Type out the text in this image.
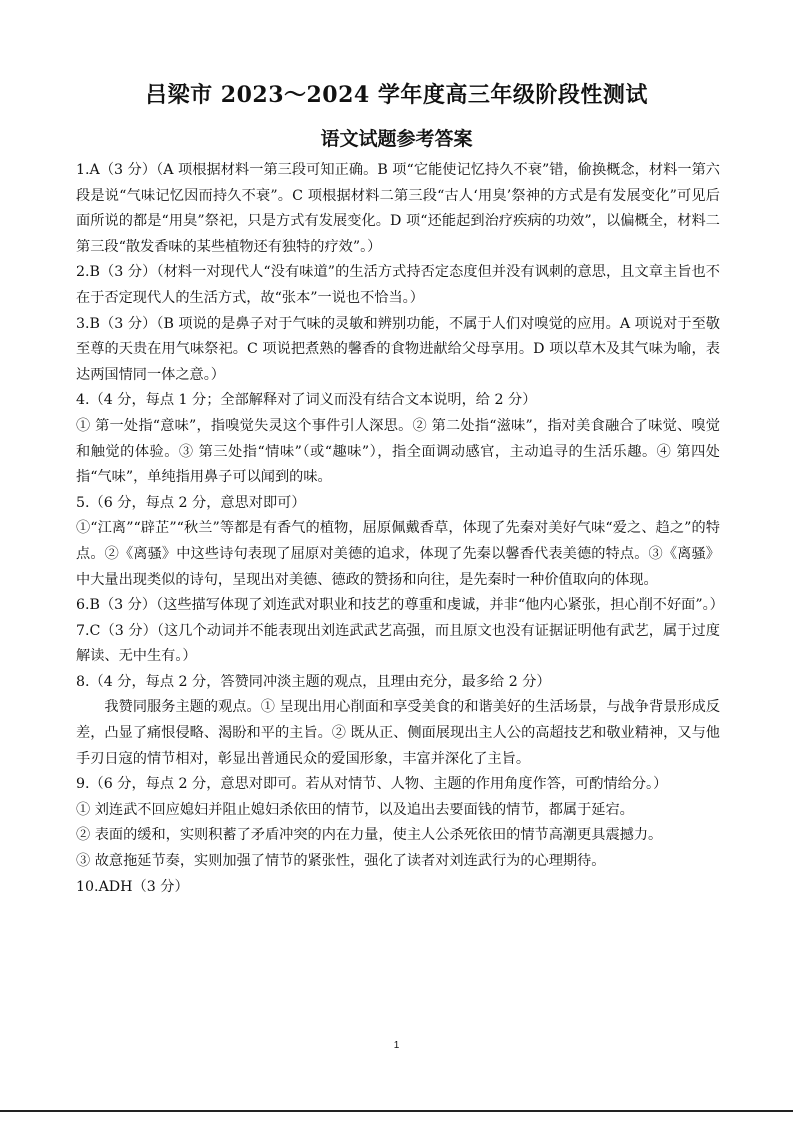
吕梁市 2023～2024 学年度高三年级阶段性测试
语文试题参考答案

1.A（3 分）（A 项根据材料一第三段可知正确。B 项“它能使记忆持久不衰”错，偷换概念，材料一第六段是说“气味记忆因而持久不衰”。C 项根据材料二第三段“古人‘用臭’祭神的方式是有发展变化”可见后面所说的都是“用臭”祭祀，只是方式有发展变化。D 项“还能起到治疗疾病的功效”，以偏概全，材料二第三段“散发香味的某些植物还有独特的疗效”。）

2.B（3 分）（材料一对现代人“没有味道”的生活方式持否定态度但并没有讽刺的意思，且文章主旨也不在于否定现代人的生活方式，故“张本”一说也不恰当。）

3.B（3 分）（B 项说的是鼻子对于气味的灵敏和辨别功能，不属于人们对嗅觉的应用。A 项说对于至敬至尊的天贵在用气味祭祀。C 项说把煮熟的馨香的食物进献给父母享用。D 项以草木及其气味为喻，表达两国情同一体之意。）

4.（4 分，每点 1 分；全部解释对了词义而没有结合文本说明，给 2 分）

① 第一处指“意味”，指嗅觉失灵这个事件引人深思。② 第二处指“滋味”，指对美食融合了味觉、嗅觉和触觉的体验。③ 第三处指“情味”（或“趣味”），指全面调动感官，主动追寻的生活乐趣。④ 第四处指“气味”，单纯指用鼻子可以闻到的味。

5.（6 分，每点 2 分，意思对即可）

①“江离”“辟芷”“秋兰”等都是有香气的植物，屈原佩戴香草，体现了先秦对美好气味“爱之、趋之”的特点。②《离骚》中这些诗句表现了屈原对美德的追求，体现了先秦以馨香代表美德的特点。③《离骚》中大量出现类似的诗句，呈现出对美德、德政的赞扬和向往，是先秦时一种价值取向的体现。

6.B（3 分）（这些描写体现了刘连武对职业和技艺的尊重和虔诚，并非“他内心紧张，担心削不好面”。）

7.C（3 分）（这几个动词并不能表现出刘连武武艺高强，而且原文也没有证据证明他有武艺，属于过度解读、无中生有。）

8.（4 分，每点 2 分，答赞同冲淡主题的观点，且理由充分，最多给 2 分）

我赞同服务主题的观点。① 呈现出用心削面和享受美食的和谐美好的生活场景，与战争背景形成反差，凸显了痛恨侵略、渴盼和平的主旨。② 既从正、侧面展现出主人公的高超技艺和敬业精神，又与他手刃日寇的情节相对，彰显出普通民众的爱国形象，丰富并深化了主旨。

9.（6 分，每点 2 分，意思对即可。若从对情节、人物、主题的作用角度作答，可酌情给分。）

① 刘连武不回应媳妇并阻止媳妇杀依田的情节，以及追出去要面钱的情节，都属于延宕。

② 表面的缓和，实则积蓄了矛盾冲突的内在力量，使主人公杀死依田的情节高潮更具震撼力。

③ 故意拖延节奏，实则加强了情节的紧张性，强化了读者对刘连武行为的心理期待。

10.ADH（3 分）

1
